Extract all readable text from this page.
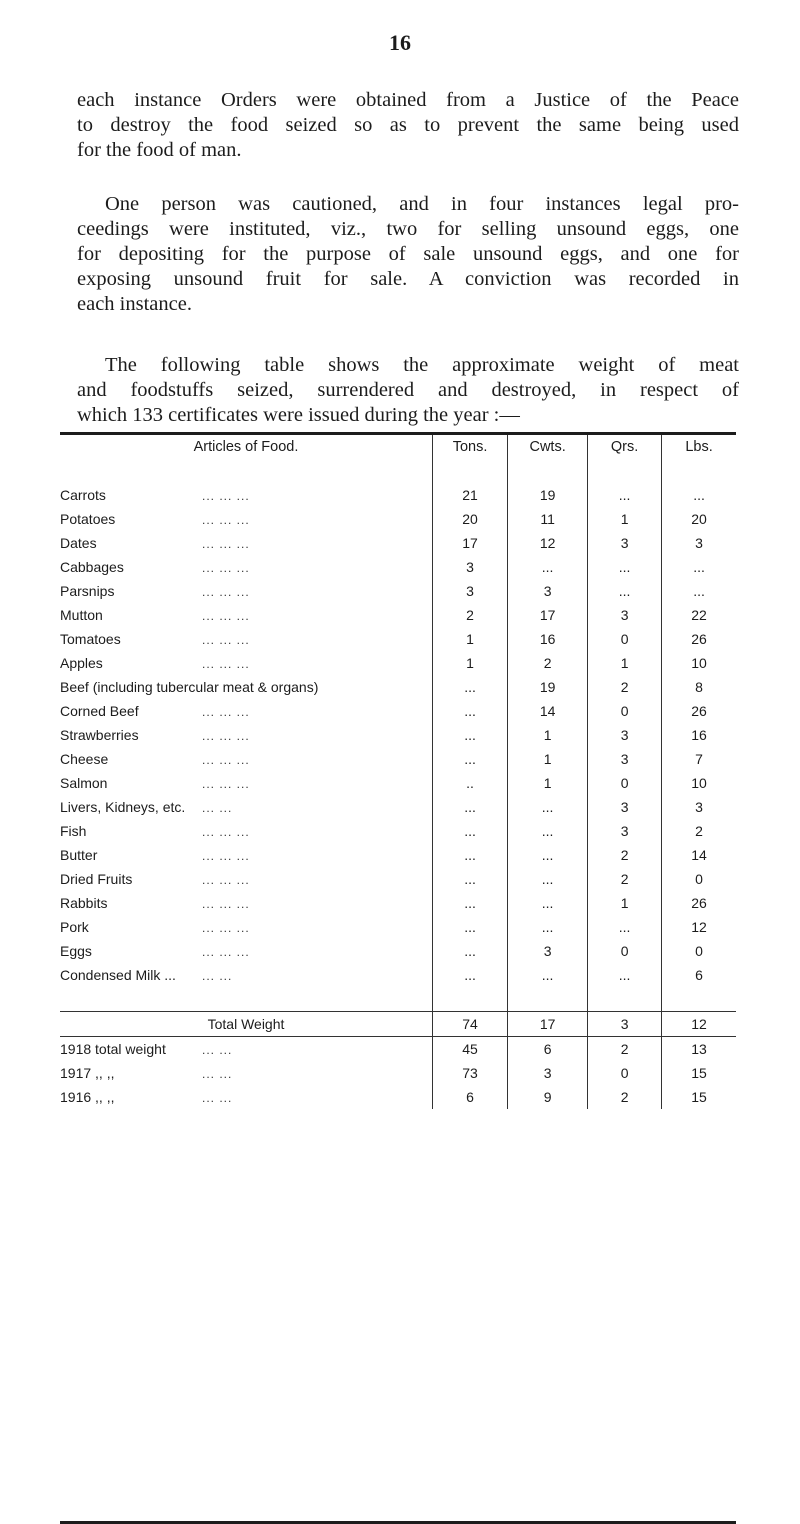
16
each instance Orders were obtained from a Justice of the Peace
to destroy the food seized so as to prevent the same being used
for the food of man.
One person was cautioned, and in four instances legal pro-
ceedings were instituted, viz., two for selling unsound eggs, one
for depositing for the purpose of sale unsound eggs, and one for
exposing unsound fruit for sale. A conviction was recorded in
each instance.
The following table shows the approximate weight of meat
and foodstuffs seized, surrendered and destroyed, in respect of
which 133 certificates were issued during the year :—
Articles of Food.	Tons.	Cwts.	Qrs.	Lbs.

Carrots ... ... ...	21	19	...	...
Potatoes ... ... ...	20	11	1	20
Dates ... ... ...	17	12	3	3
Cabbages ... ... ...	3	...	...	...
Parsnips ... ... ...	3	3	...	...
Mutton ... ... ...	2	17	3	22
Tomatoes ... ... ...	1	16	0	26
Apples ... ... ...	1	2	1	10
Beef (including tubercular meat & organs)	...	19	2	8
Corned Beef ... ... ...	...	14	0	26
Strawberries ... ... ...	...	1	3	16
Cheese ... ... ...	...	1	3	7
Salmon ... ... ...	..	1	0	10
Livers, Kidneys, etc. ... ...	...	...	3	3
Fish ... ... ...	...	...	3	2
Butter ... ... ...	...	...	2	14
Dried Fruits ... ... ...	...	...	2	0
Rabbits ... ... ...	...	...	1	26
Pork ... ... ...	...	...	...	12
Eggs ... ... ...	...	3	0	0
Condensed Milk ... ... ...	...	...	...	6

Total Weight	74	17	3	12
1918 total weight ... ...	45	6	2	13
1917 ,, ,, ... ...	73	3	0	15
1916 ,, ,, ... ...	6	9	2	15
